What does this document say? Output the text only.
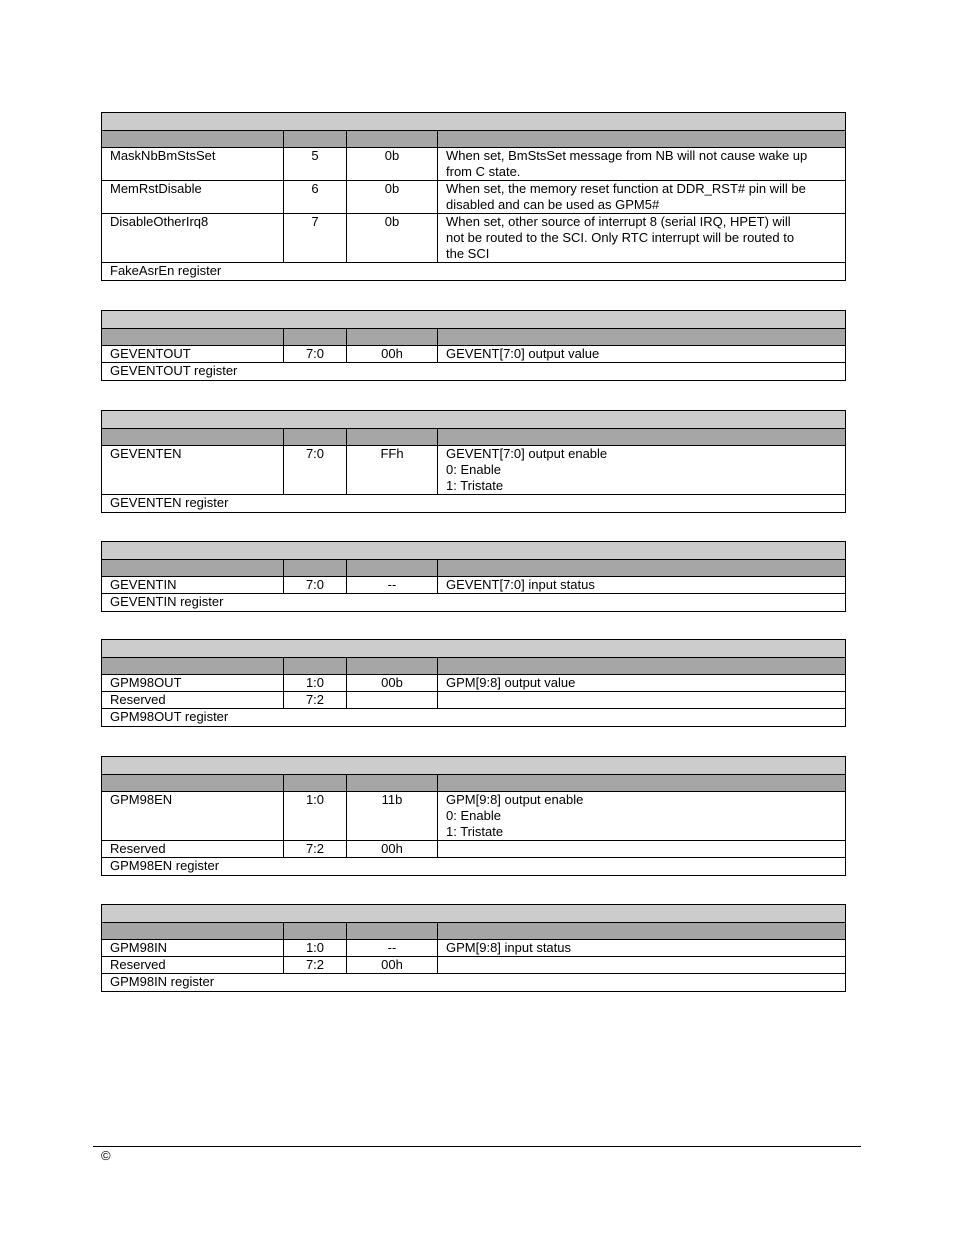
MaskNbBmStsSet	5	0b	When set, BmStsSet message from NB will not cause wake up
from C state.
MemRstDisable	6	0b	When set, the memory reset function at DDR_RST# pin will be
disabled and can be used as GPM5#
DisableOtherIrq8	7	0b	When set, other source of interrupt 8 (serial IRQ, HPET) will
not be routed to the SCI. Only RTC interrupt will be routed to
the SCI
FakeAsrEn register			

GEVENTOUT	7:0	00h	GEVENT[7:0] output value
GEVENTOUT register			

GEVENTEN	7:0	FFh	GEVENT[7:0] output enable
0: Enable
1: Tristate
GEVENTEN register			

GEVENTIN	7:0	--	GEVENT[7:0] input status
GEVENTIN register			

GPM98OUT	1:0	00b	GPM[9:8] output value
Reserved	7:2		
GPM98OUT register			

GPM98EN	1:0	11b	GPM[9:8] output enable
0: Enable
1: Tristate
Reserved	7:2	00h	
GPM98EN register			

GPM98IN	1:0	--	GPM[9:8] input status
Reserved	7:2	00h	
GPM98IN register			
©
